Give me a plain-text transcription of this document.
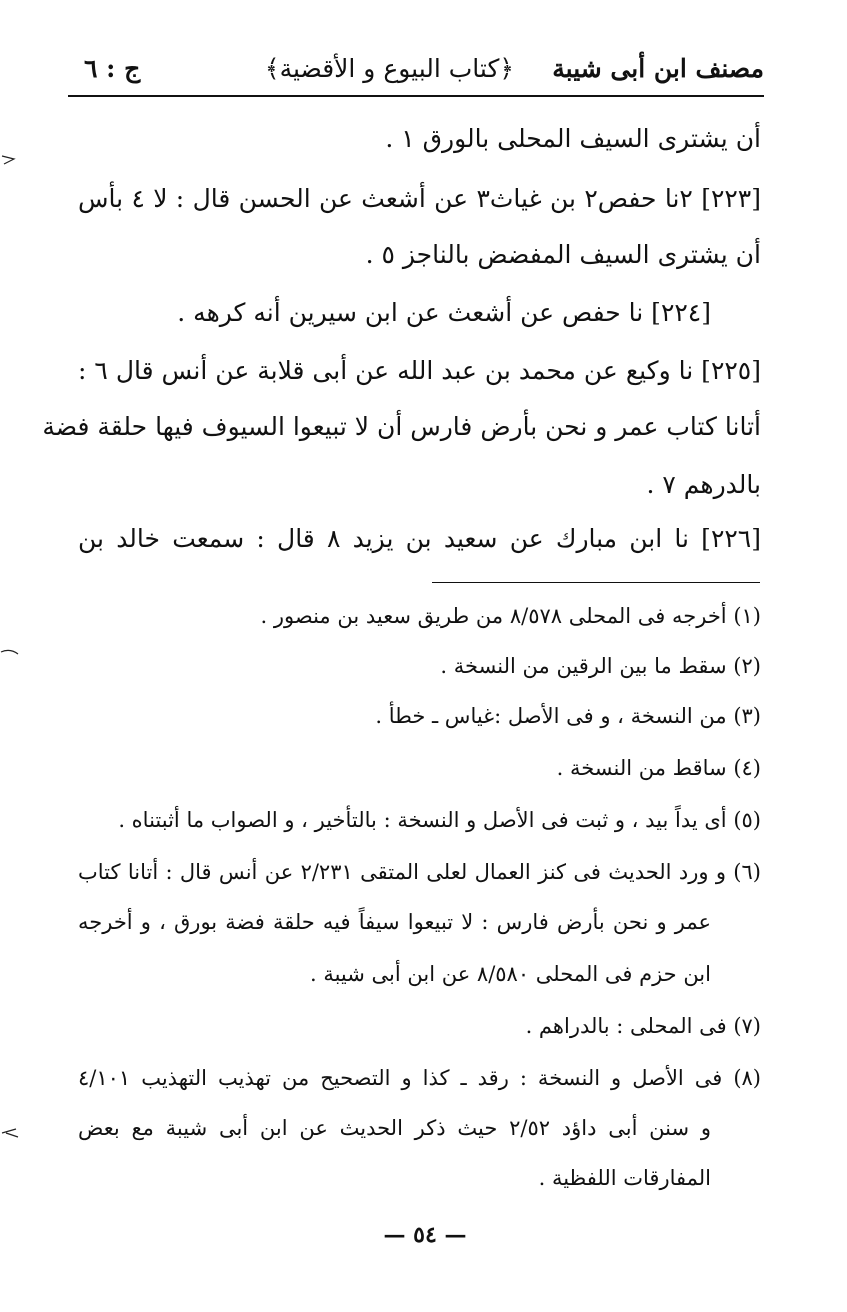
مصنف ابن أبى شيبة
﴿كتاب البيوع و الأقضية﴾
ج : ٦
أن يشترى السيف المحلى بالورق ١ .
[٢٢٣] ٢نا حفص٢ بن غياث٣ عن أشعث عن الحسن قال : لا ٤ بأس
أن يشترى السيف المفضض بالناجز ٥ .
[٢٢٤] نا حفص عن أشعث عن ابن سيرين أنه كرهه .
[٢٢٥] نا وكيع عن محمد بن عبد الله عن أبى قلابة عن أنس قال ٦ :
أتانا كتاب عمر و نحن بأرض فارس أن لا تبيعوا السيوف فيها حلقة فضة
بالدرهم ٧ .
[٢٢٦] نا ابن مبارك عن سعيد بن يزيد ٨ قال : سمعت خالد بن
(١) أخرجه فى المحلى ٨/٥٧٨ من طريق سعيد بن منصور .
(٢) سقط ما بين الرقين من النسخة .
(٣) من النسخة ، و فى الأصل :غياس ـ خطأ .
(٤) ساقط من النسخة .
(٥) أى يداً بيد ، و ثبت فى الأصل و النسخة : بالتأخير ، و الصواب ما أثبتناه .
(٦) و ورد الحديث فى كنز العمال لعلى المتقى ٢/٢٣١ عن أنس قال : أتانا كتاب
عمر و نحن بأرض فارس : لا تبيعوا سيفاً فيه حلقة فضة بورق ، و أخرجه
ابن حزم فى المحلى ٨/٥٨٠ عن ابن أبى شيبة .
(٧) فى المحلى : بالدراهم .
(٨) فى الأصل و النسخة : رقد ـ كذا و التصحيح من تهذيب التهذيب ٤/١٠١
و سنن أبى داؤد ٢/٥٢ حيث ذكر الحديث عن ابن أبى شيبة مع بعض
المفارقات اللفظية .
— ٥٤ —
